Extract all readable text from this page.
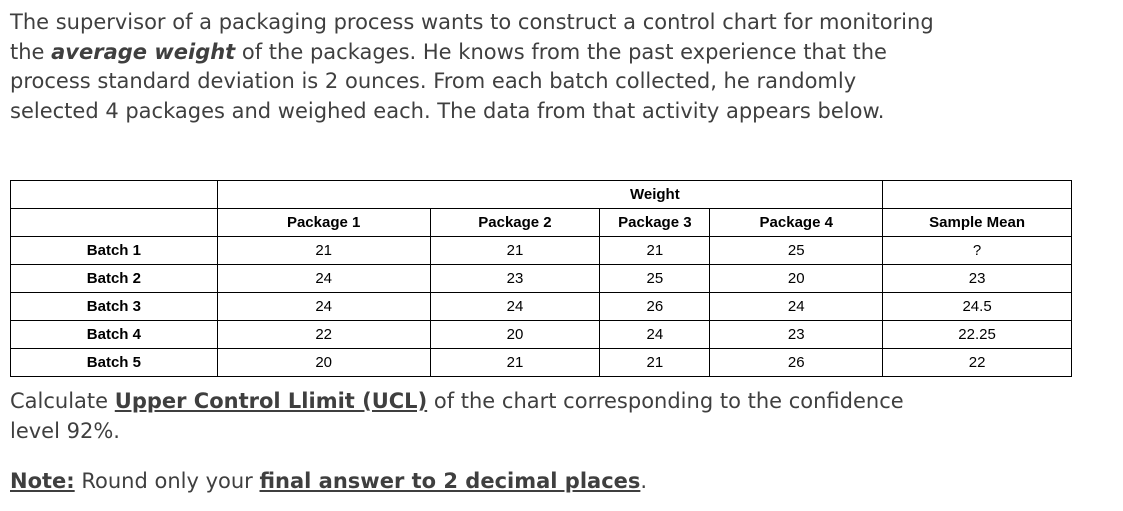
The supervisor of a packaging process wants to construct a control chart for monitoring the average weight of the packages. He knows from the past experience that the process standard deviation is 2 ounces. From each batch collected, he randomly selected 4 packages and weighed each. The data from that activity appears below.
			Weight		
	Package 1	Package 2	Package 3	Package 4	Sample Mean
Batch 1	21	21	21	25	?
Batch 2	24	23	25	20	23
Batch 3	24	24	26	24	24.5
Batch 4	22	20	24	23	22.25
Batch 5	20	21	21	26	22
Calculate Upper Control Llimit (UCL) of the chart corresponding to the confidence level 92%.
Note: Round only your final answer to 2 decimal places.
